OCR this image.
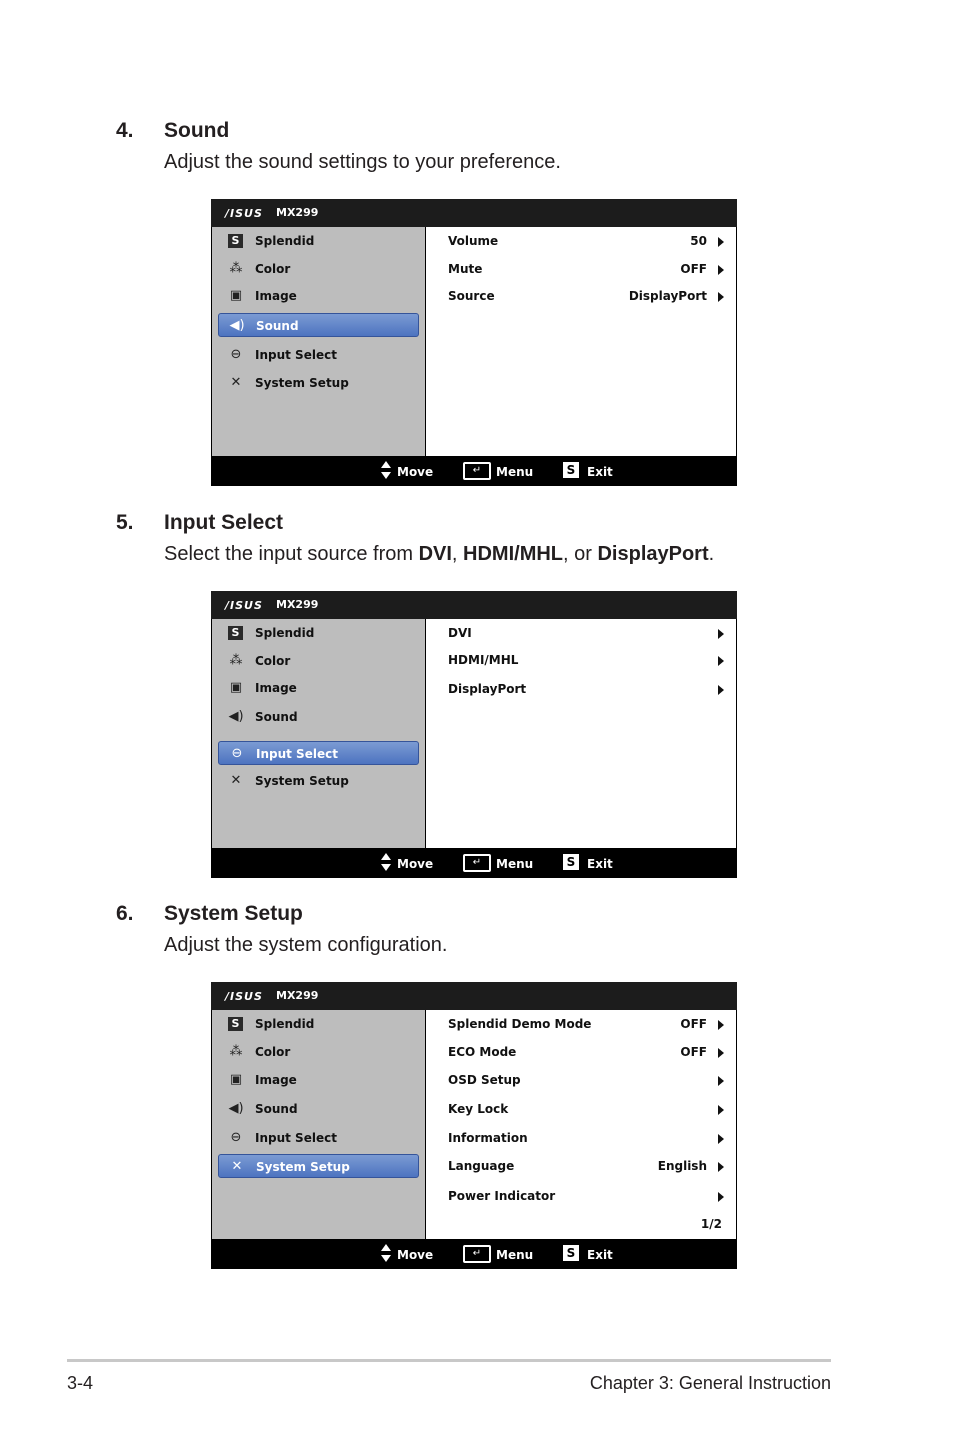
4. Sound
Adjust the sound settings to your preference.
/ISUS MX299
S Splendid
⁂ Color
▣ Image
◀) Sound
⊖ Input Select
✕ System Setup
Volume	50
Mute	OFF
Source	DisplayPort
Move	↵	Menu	S Exit
5. Input Select
Select the input source from DVI, HDMI/MHL, or DisplayPort.
/ISUS MX299
S Splendid
⁂ Color
▣ Image
◀) Sound
⊖ Input Select
✕ System Setup
DVI
HDMI/MHL
DisplayPort
Move	↵	Menu	S Exit
6. System Setup
Adjust the system configuration.
/ISUS MX299
S Splendid
⁂ Color
▣ Image
◀) Sound
⊖ Input Select
✕ System Setup
Splendid Demo Mode	OFF
ECO Mode	OFF
OSD Setup
Key Lock
Information
Language	English
Power Indicator
1/2
Move	↵	Menu	S Exit
3-4	Chapter 3: General Instruction
